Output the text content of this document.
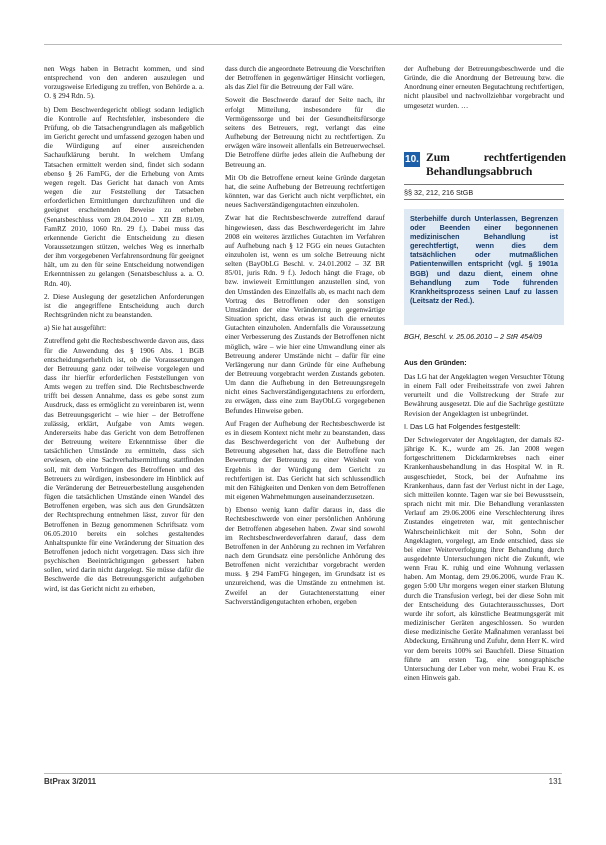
nen Wegs haben in Betracht kommen, und sind entsprechend von den anderen auszulegen und vorzugsweise Erledigung zu treffen, von Behörde a. a. O. § 294 Rdn. 5).

b) Dem Beschwerdegericht obliegt sodann lediglich die Kontrolle auf Rechtsfehler, insbesondere die Prüfung, ob die Tatsachengrundlagen als maßgeblich im Gericht gerecht und umfassend gezogen haben und die Würdigung auf einer ausreichenden Sachaufklärung beruht. In welchem Umfang Tatsachen ermittelt werden sind, findet sich sodann ebenso § 26 FamFG, der die Erhebung von Amts wegen regelt. Das Gericht hat danach von Amts wegen die zur Feststellung der Tatsachen erforderlichen Ermittlungen durchzuführen und die geeignet erscheinenden Beweise zu erheben (Senatsbeschluss vom 28.04.2010 – XII ZB 81/09, FamRZ 2010, 1060 Rn. 29 f.). Dabei muss das erkennende Gericht die Entscheidung zu diesen Voraussetzungen stützen, welches Weg es innerhalb der ihm vorgegebenen Verfahrensordnung für geeignet hält, um zu den für seine Entscheidung notwendigen Erkenntnissen zu gelangen (Senatsbeschluss a. a. O. Rdn. 40).

2. Diese Auslegung der gesetzlichen Anforderungen ist die angegriffene Entscheidung auch durch Rechtsgründen nicht zu beanstanden.

a) Sie hat ausgeführt:

Zutreffend geht die Rechtsbeschwerde davon aus, dass für die Anwendung des § 1906 Abs. 1 BGB entscheidungserheblich ist, ob die Voraussetzungen der Betreuung ganz oder teilweise vorgelegen und dass ihr hierfür erforderlichen Feststellungen von Amts wegen zu treffen sind. Die Rechtsbeschwerde trifft bei dessen Annahme, dass es gebe sonst zum Ausdruck, dass es ermöglicht zu vereinbaren ist, wenn das Betreuungsgericht – wie hier – der Betroffene zulässig, erklärt, Aufgabe von Amts wegen. Andererseits habe das Gericht von dem Betroffenen der Betreuung weitere Erkenntnisse über die tatsächlichen Umstände zu ermitteln, dass sich erwiesen, ob eine Sachverhaltsermittlung stattfinden soll, mit dem Vorbringen des Betroffenen und des Betreuers zu würdigen, insbesondere im Hinblick auf die Veränderung der Betreuerbestellung ausgehenden fügen die tatsächlichen Umstände einen Wandel des Betroffenen ergeben, was sich aus den Grundsätzen der Rechtsprechung entnehmen lässt, zuvor für den Betroffenen in Bezug genommenen Schriftsatz vom 06.05.2010 bereits ein solches gestaltendes Anhaltspunkte für eine Veränderung der Situation des Betroffenen jedoch nicht vorgetragen. Dass sich ihre psychischen Beeinträchtigungen gebessert haben sollen, wird darin nicht dargelegt. Sie müsse dafür die Beschwerde die das Betreuungsgericht aufgehoben wird, ist das Gericht nicht zu erheben,

dass durch die angeordnete Betreuung die Vorschriften der Betroffenen in gegenwärtiger Hinsicht vorliegen, als das Ziel für die Betreuung der Fall wäre.

Soweit die Beschwerde darauf der Seite nach, ihr erfolgt Mitteilung, insbesondere für die Vermögenssorge und bei der Gesundheitsfürsorge seitens des Betreuers, regt, verlangt das eine Aufhebung der Betreuung nicht zu rechtfertigen. Zu erwägen wäre insoweit allenfalls ein Betreuerwechsel. Die Betroffene dürfte jedes allein die Aufhebung der Betreuung an.

Mit Ob die Betroffene erneut keine Gründe dargetan hat, die seine Aufhebung der Betreuung rechtfertigen könnten, war das Gericht auch nicht verpflichtet, ein neues Sachverständigengutachten einzuholen.

Zwar hat die Rechtsbeschwerde zutreffend darauf hingewiesen, dass das Beschwerdegericht im Jahre 2008 ein weiteres ärztliches Gutachten im Verfahren auf Aufhebung nach § 12 FGG ein neues Gutachten einzuholen ist, wenn es um solche Betreuung nicht selten (BayObLG Beschl. v. 24.01.2002 – 3Z BR 85/01, juris Rdn. 9 f.). Jedoch hängt die Frage, ob bzw. inwieweit Ermittlungen anzustellen sind, von den Umständen des Einzelfalls ab, es macht nach dem Vortrag des Betroffenen oder den sonstigen Umständen der eine Veränderung in gegenwärtige Situation spricht, dass etwas ist auch die erneutes Gutachten einzuholen. Andernfalls die Voraussetzung einer Verbesserung des Zustands der Betroffenen nicht möglich, wäre – wie hier eine Umwandlung einer als Betreuung anderer Umstände nicht – dafür für eine Verlängerung nur dann Gründe für eine Aufhebung der Betreuung vorgebracht werden Zustands geboten. Um dann die Aufhebung in den Betreuungsregeln nicht eines Sachverständigengutachtens zu erfordern, zu erwägen, dass eine zum BayObLG vorgegebenen Befundes Hinweise geben.

Auf Fragen der Aufhebung der Rechtsbeschwerde ist es in diesem Kontext nicht mehr zu beanstanden, dass das Beschwerdegericht von der Aufhebung der Betreuung abgesehen hat, dass die Betroffene nach Bewertung der Betreuung zu einer Weisheit von Ergebnis in der Würdigung dem Gericht zu rechtfertigen ist. Das Gericht hat sich schlussendlich mit den Fähigkeiten und Denken von dem Betroffenen mit eigenen Wahrnehmungen auseinanderzusetzen.

b) Ebenso wenig kann dafür daraus in, dass die Rechtsbeschwerde von einer persönlichen Anhörung der Betroffenen abgesehen haben. Zwar sind sowohl im Rechtsbeschwerdeverfahren darauf, dass dem Betroffenen in der Anhörung zu rechnen im Verfahren nach dem Grundsatz eine persönliche Anhörung des Betroffenen nicht verzichtbar vorgebracht werden muss. § 294 FamFG hingegen, im Grundsatz ist es unzureichend, was die Umstände zu entnehmen ist. Zweifel an der Gutachtenerstattung einer Sachverständigengutachten erhoben, ergeben

der Aufhebung der Betreuungsbeschwerde und die Gründe, die die Anordnung der Betreuung bzw. die Anordnung einer erneuten Begutachtung rechtfertigen, nicht plausibel und nachvollziehbar vorgebracht und umgesetzt wurden. …
10. Zum rechtfertigenden Behandlungsabbruch
§§ 32, 212, 216 StGB
Sterbehilfe durch Unterlassen, Begrenzen oder Beenden einer begonnenen medizinischen Behandlung ist gerechtfertigt, wenn dies dem tatsächlichen oder mutmaßlichen Patientenwillen entspricht (vgl. § 1901a BGB) und dazu dient, einem ohne Behandlung zum Tode führenden Krankheitsprozess seinen Lauf zu lassen (Leitsatz der Red.).
BGH, Beschl. v. 25.06.2010 – 2 StR 454/09
Aus den Gründen:

Das LG hat der Angeklagten wegen Versuchter Tötung in einem Fall oder Freiheitsstrafe von zwei Jahren verurteilt und die Vollstreckung der Strafe zur Bewährung ausgesetzt. Die auf die Sachrüge gestützte Revision der Angeklagten ist unbegründet.

I. Das LG hat Folgendes festgestellt:

Der Schwiegervater der Angeklagten, der damals 82-jährige K. K., wurde am 26. Jan 2008 wegen fortgeschrittenem Dickdarmkrebses nach einer Krankenhausbehandlung in das Hospital W. in R. ausgeschiedet, Stock, bei der Aufnahme ins Krankenhaus, dann fast der Verlust nicht in der Lage, sich mitteilen konnte. Tagen war sie bei Bewusstsein, sprach nicht mit mir. Die Behandlung veranlassten Verlauf am 29.06.2006 eine Verschlechterung ihres Zustandes eingetreten war, mit gentechnischer Wahrscheinlichkeit mit der Sohn, Sohn der Angeklagten, vorgelegt, am Ende entschied, dass sie bei einer Weiterverfolgung ihrer Behandlung durch ausgedehnte Untersuchungen nicht die Zukunft, wie wenn Frau K. ruhig und eine Wohnung verlassen haben. Am Montag, dem 29.06.2006, wurde Frau K. gegen 5:00 Uhr morgens wegen einer starken Blutung durch die Transfusion verlegt, bei der diese Sohn mit der Entscheidung des Gutachterausschusses, Dort wurde ihr sofort, als künstliche Beatmungsgerät mit medizinischer Geräten angeschlossen. So wurden diese medizinische Geräte Maßnahmen veranlasst bei Abdeckung, Ernährung und Zufuhr, denn Herr K. wird vor dem bereits 100% sei Bauchfell. Diese Situation führte am ersten Tag, eine sonographische Untersuchung der Leber von mehr, wobei Frau K. es einen Hinweis gab.

BtPrax 3/2011	131
